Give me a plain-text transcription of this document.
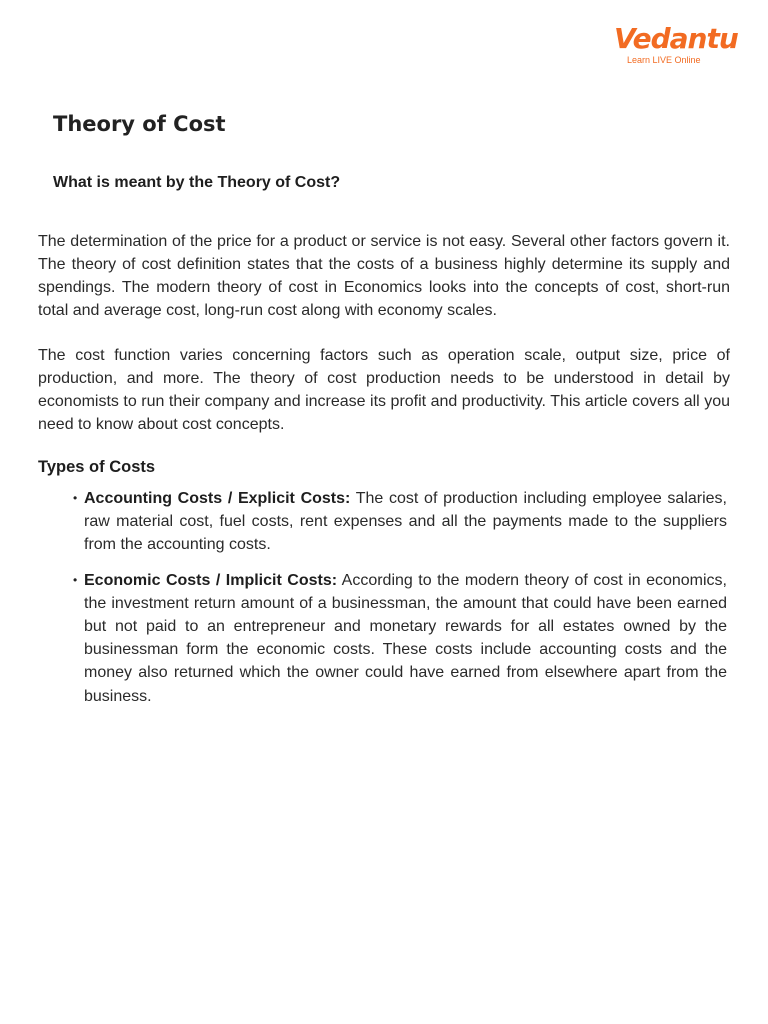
Vedantu
Learn LIVE Online
Theory of Cost
What is meant by the Theory of Cost?

The determination of the price for a product or service is not easy. Several other factors govern it. The theory of cost definition states that the costs of a business highly determine its supply and spendings. The modern theory of cost in Economics looks into the concepts of cost, short-run total and average cost, long-run cost along with economy scales.

The cost function varies concerning factors such as operation scale, output size, price of production, and more. The theory of cost production needs to be understood in detail by economists to run their company and increase its profit and productivity. This article covers all you need to know about cost concepts.

Types of Costs
• Accounting Costs / Explicit Costs: The cost of production including employee salaries, raw material cost, fuel costs, rent expenses and all the payments made to the suppliers from the accounting costs.
• Economic Costs / Implicit Costs: According to the modern theory of cost in economics, the investment return amount of a businessman, the amount that could have been earned but not paid to an entrepreneur and monetary rewards for all estates owned by the businessman form the economic costs. These costs include accounting costs and the money also returned which the owner could have earned from elsewhere apart from the business.
